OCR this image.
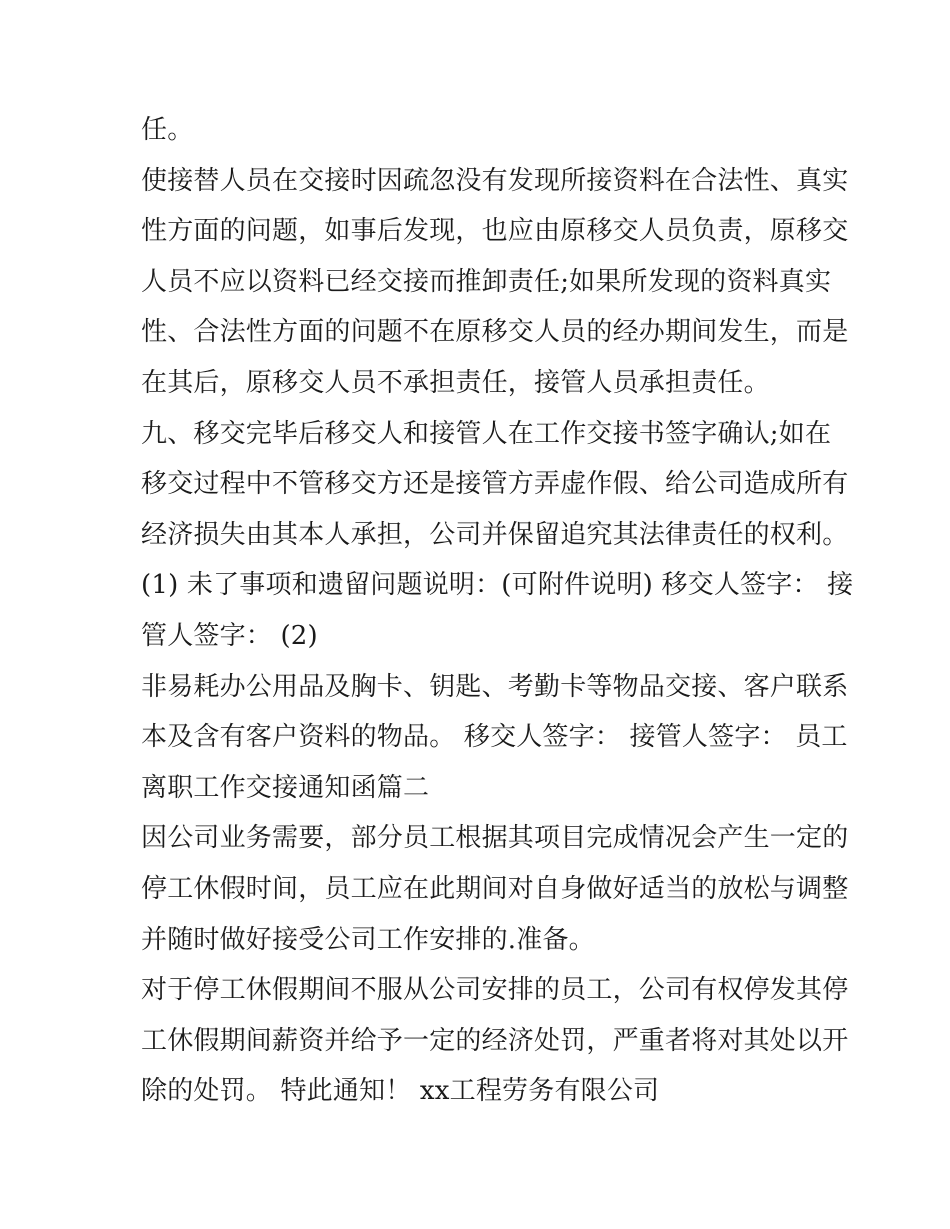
任。
使接替人员在交接时因疏忽没有发现所接资料在合法性、真实
性方面的问题，如事后发现，也应由原移交人员负责，原移交
人员不应以资料已经交接而推卸责任;如果所发现的资料真实
性、合法性方面的问题不在原移交人员的经办期间发生，而是
在其后，原移交人员不承担责任，接管人员承担责任。
九、移交完毕后移交人和接管人在工作交接书签字确认;如在
移交过程中不管移交方还是接管方弄虚作假、给公司造成所有
经济损失由其本人承担，公司并保留追究其法律责任的权利。
(1) 未了事项和遗留问题说明：(可附件说明) 移交人签字： 接
管人签字： (2)
非易耗办公用品及胸卡、钥匙、考勤卡等物品交接、客户联系
本及含有客户资料的物品。 移交人签字： 接管人签字： 员工
离职工作交接通知函篇二
因公司业务需要，部分员工根据其项目完成情况会产生一定的
停工休假时间，员工应在此期间对自身做好适当的放松与调整
并随时做好接受公司工作安排的.准备。
对于停工休假期间不服从公司安排的员工，公司有权停发其停
工休假期间薪资并给予一定的经济处罚，严重者将对其处以开
除的处罚。 特此通知！ xx工程劳务有限公司
